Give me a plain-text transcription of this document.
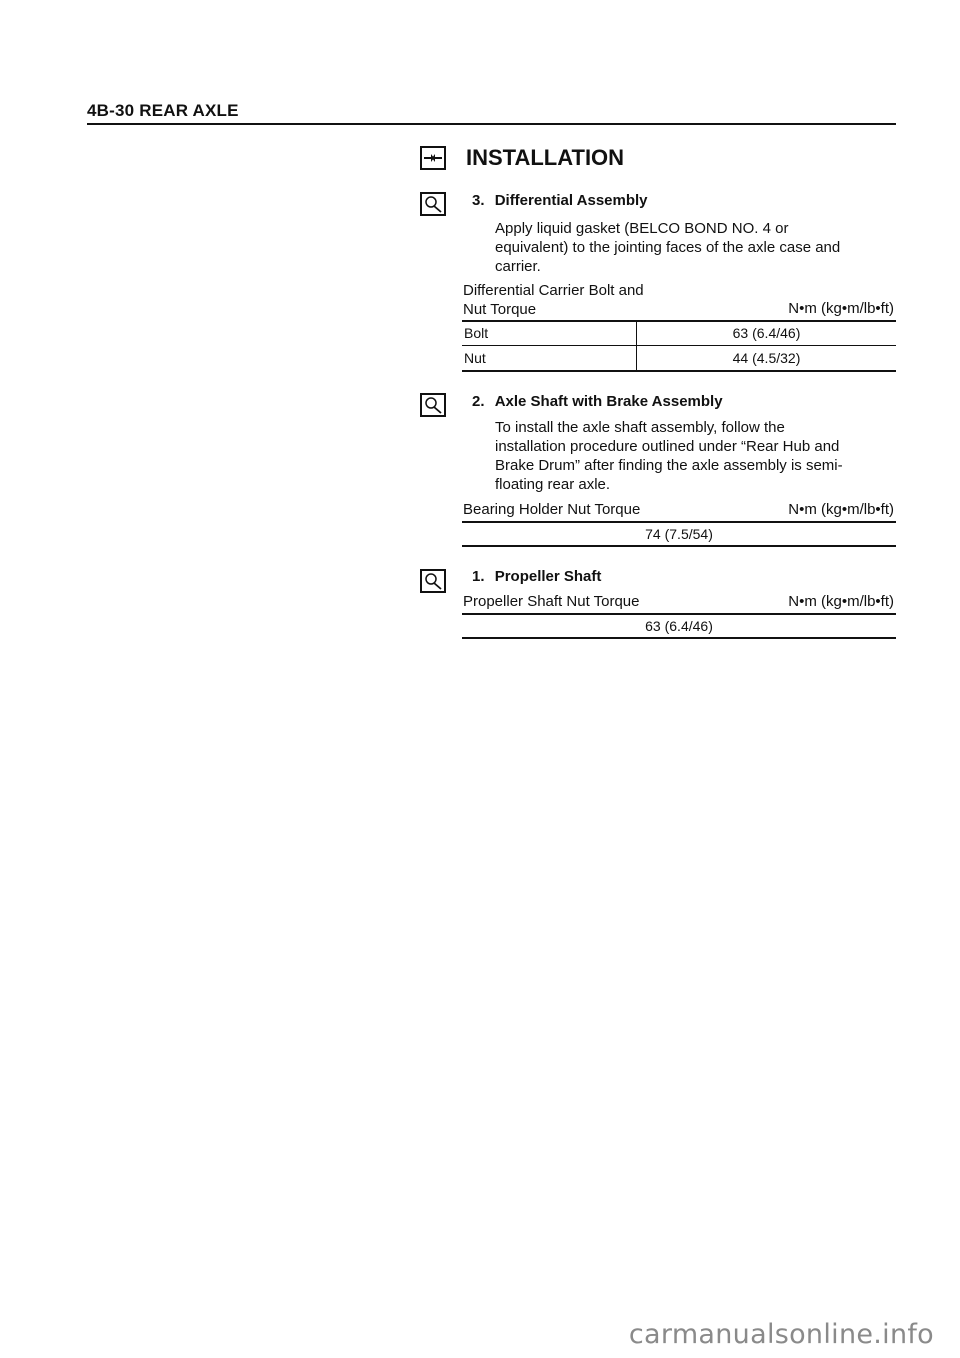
4B-30 REAR AXLE
INSTALLATION
3. Differential Assembly
Apply liquid gasket (BELCO BOND NO. 4 or
equivalent) to the jointing faces of the axle case and
carrier.
Differential Carrier Bolt and
Nut Torque	N•m (kg•m/lb•ft)
Bolt	63 (6.4/46)
Nut	44 (4.5/32)
2. Axle Shaft with Brake Assembly
To install the axle shaft assembly, follow the
installation procedure outlined under “Rear Hub and
Brake Drum” after finding the axle assembly is semi-
floating rear axle.
Bearing Holder Nut Torque	N•m (kg•m/lb•ft)
74 (7.5/54)
1. Propeller Shaft
Propeller Shaft Nut Torque	N•m (kg•m/lb•ft)
63 (6.4/46)
carmanualsonline.info
